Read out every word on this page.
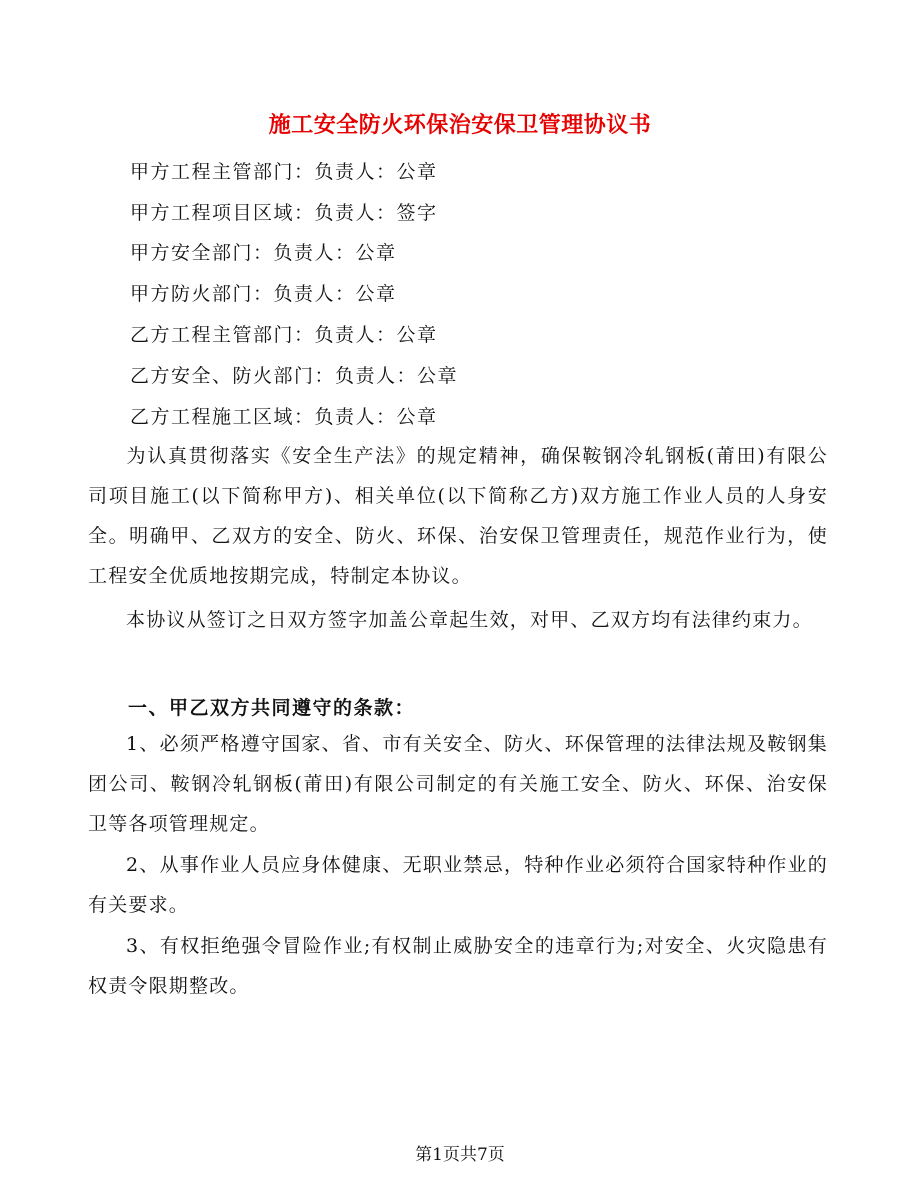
施工安全防火环保治安保卫管理协议书
甲方工程主管部门：负责人：公章
甲方工程项目区域：负责人：签字
甲方安全部门：负责人：公章
甲方防火部门：负责人：公章
乙方工程主管部门：负责人：公章
乙方安全、防火部门：负责人：公章
乙方工程施工区域：负责人：公章
为认真贯彻落实《安全生产法》的规定精神，确保鞍钢冷轧钢板(莆田)有限公司项目施工(以下简称甲方)、相关单位(以下简称乙方)双方施工作业人员的人身安全。明确甲、乙双方的安全、防火、环保、治安保卫管理责任，规范作业行为，使工程安全优质地按期完成，特制定本协议。
本协议从签订之日双方签字加盖公章起生效，对甲、乙双方均有法律约束力。
一、甲乙双方共同遵守的条款：
1、必须严格遵守国家、省、市有关安全、防火、环保管理的法律法规及鞍钢集团公司、鞍钢冷轧钢板(莆田)有限公司制定的有关施工安全、防火、环保、治安保卫等各项管理规定。
2、从事作业人员应身体健康、无职业禁忌，特种作业必须符合国家特种作业的有关要求。
3、有权拒绝强令冒险作业;有权制止威胁安全的违章行为;对安全、火灾隐患有权责令限期整改。
第1页共7页
